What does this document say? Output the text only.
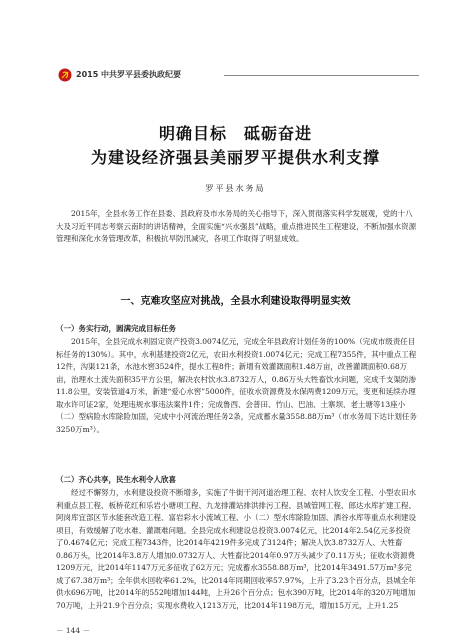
2015 中共罗平县委执政纪要
明确目标　砥砺奋进
为建设经济强县美丽罗平提供水利支撑
罗平县水务局

2015年，全县水务工作在县委、县政府及市水务局的关心指导下，深入贯彻落实科学发展观，党的十八大及习近平同志考察云南时的讲话精神，全面实施“兴水强县”战略，重点推进民生工程建设，不断加强水资源管理和深化水务管理改革，积极抗旱防汛减灾，各项工作取得了明显成效。

一、克难攻坚应对挑战，全县水利建设取得明显实效
（一）务实行动，圆满完成目标任务

2015年，全县完成水利固定资产投资3.0074亿元，完成全年县政府计划任务的100%（完成市级责任目标任务的130%）。其中，水利基建投资2亿元，农田水利投资1.0074亿元；完成工程7355件，其中重点工程12件，沟渠121条，水池水窖3524件，提水工程8件；新增有效灌溉面积1.48万亩，改善灌溉面积0.68万亩，治理水土流失面积35平方公里，解决农村饮水3.8732万人，0.86万头大牲畜饮水问题，完成千支渠防渗11.8公里，安装管道4万米，新建“爱心水窖”5000件，征收水资源费及水保两费1209万元，变更和延续办理取水许可证2家，处理违规水事违法案件1件；完成鲁西、会普田、竹山、巴油、土寨坝、老土塘等13座小（二）型病险水库除险加固，完成中小河流治理任务2条，完成蓄水量3558.88万m³（市水务局下达计划任务3250万m³）。

（二）齐心共享，民生水利令人欣喜

经过不懈努力，水利建设投资不断增多，实施了牛街干河河道治理工程、农村人饮安全工程、小型农田水利重点县工程、板桥花红和乐岩小塘项工程、九龙排灌站排洪排污工程、县城管网工程、郎达水库扩建工程、阿岗库宜部区节水能套改造工程、富岩彩水小流域工程、小（二）型水库除险加固、洒谷水库等重点水利建设项目，有效缓解了吃水难、灌溉难问题。全县完成水利建设总投资3.0074亿元，比2014年2.54亿元多投资了0.4674亿元；完成工程7343件，比2014年4219件多完成了3124件；解决人饮3.8732万人、大牲畜0.86万头，比2014年3.8万人增加0.0732万人、大牲畜比2014年0.97万头减少了0.11万头；征收水资源费1209万元，比2014年1147万元多征收了62万元；完成蓄水3558.88万m³，比2014年3491.57万m³多完成了67.38万m³；全年供水回收率61.2%，比2014年同期回收率57.97%，上升了3.23个百分点，县城全年供水696万吨，比2014年的552吨增加144吨，上升26个百分点；包水390万吨，比2014年的320万吨增加70万吨，上升21.9个百分点；实现水费收入1213万元，比2014年1198万元，增加15万元，上升1.25

－ 144 －
